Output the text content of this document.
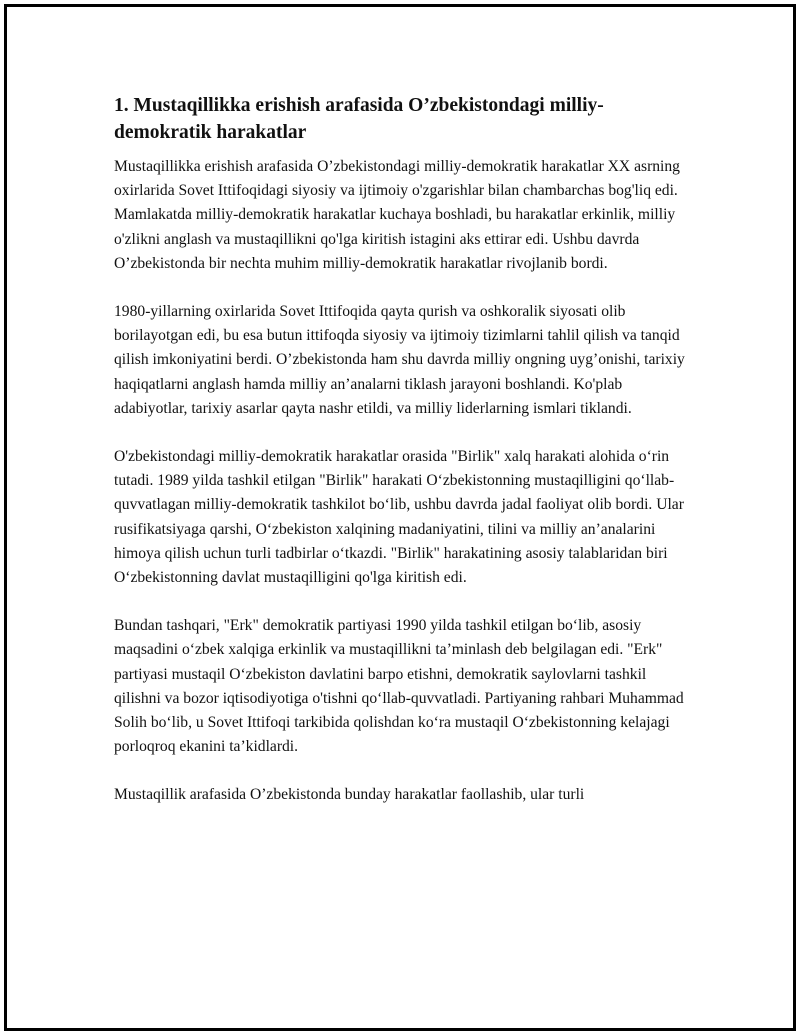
1. Mustaqillikka erishish arafasida O’zbekistondagi milliy-demokratik harakatlar

Mustaqillikka erishish arafasida O’zbekistondagi milliy-demokratik harakatlar XX asrning oxirlarida Sovet Ittifoqidagi siyosiy va ijtimoiy o'zgarishlar bilan chambarchas bog'liq edi. Mamlakatda milliy-demokratik harakatlar kuchaya boshladi, bu harakatlar erkinlik, milliy o'zlikni anglash va mustaqillikni qo'lga kiritish istagini aks ettirar edi. Ushbu davrda O’zbekistonda bir nechta muhim milliy-demokratik harakatlar rivojlanib bordi.

1980-yillarning oxirlarida Sovet Ittifoqida qayta qurish va oshkoralik siyosati olib borilayotgan edi, bu esa butun ittifoqda siyosiy va ijtimoiy tizimlarni tahlil qilish va tanqid qilish imkoniyatini berdi. O’zbekistonda ham shu davrda milliy ongning uyg’onishi, tarixiy haqiqatlarni anglash hamda milliy an’analarni tiklash jarayoni boshlandi. Ko'plab adabiyotlar, tarixiy asarlar qayta nashr etildi, va milliy liderlarning ismlari tiklandi.

O'zbekistondagi milliy-demokratik harakatlar orasida "Birlik" xalq harakati alohida o‘rin tutadi. 1989 yilda tashkil etilgan "Birlik" harakati O‘zbekistonning mustaqilligini qo‘llab-quvvatlagan milliy-demokratik tashkilot bo‘lib, ushbu davrda jadal faoliyat olib bordi. Ular rusifikatsiyaga qarshi, O‘zbekiston xalqining madaniyatini, tilini va milliy an’analarini himoya qilish uchun turli tadbirlar o‘tkazdi. "Birlik" harakatining asosiy talablaridan biri O‘zbekistonning davlat mustaqilligini qo'lga kiritish edi.

Bundan tashqari, "Erk" demokratik partiyasi 1990 yilda tashkil etilgan bo‘lib, asosiy maqsadini o‘zbek xalqiga erkinlik va mustaqillikni ta’minlash deb belgilagan edi. "Erk" partiyasi mustaqil O‘zbekiston davlatini barpo etishni, demokratik saylovlarni tashkil qilishni va bozor iqtisodiyotiga o'tishni qo‘llab-quvvatladi. Partiyaning rahbari Muhammad Solih bo‘lib, u Sovet Ittifoqi tarkibida qolishdan ko‘ra mustaqil O‘zbekistonning kelajagi porloqroq ekanini ta’kidlardi.

Mustaqillik arafasida O’zbekistonda bunday harakatlar faollashib, ular turli
